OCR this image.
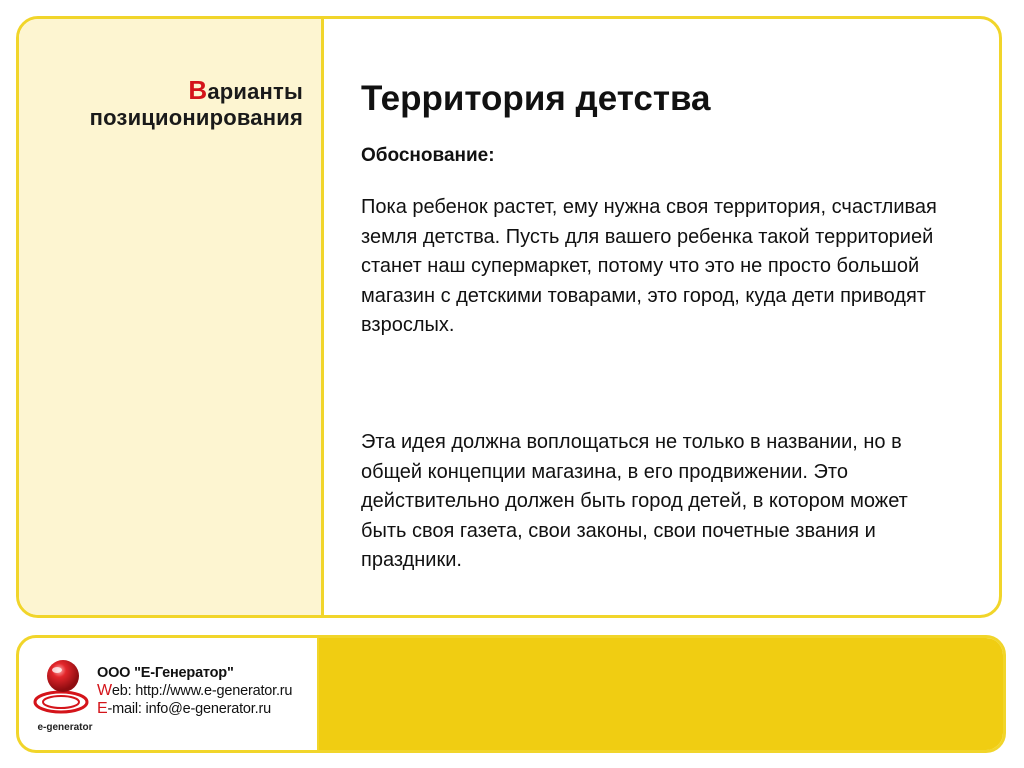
Варианты
позиционирования Территория детства
Обоснование:
Пока ребенок растет, ему нужна своя территория, счастливая земля детства. Пусть для вашего ребенка такой территорией станет наш супермаркет, потому что это не просто большой магазин с детскими товарами, это город, куда дети приводят взрослых.
Эта идея должна воплощаться не только в названии, но в общей концепции магазина, в его продвижении. Это действительно должен быть город детей, в котором может быть своя газета, свои законы, свои почетные звания и праздники.
e-generator
ООО "Е-Генератор"
Web: http://www.e-generator.ru
E-mail: info@e-generator.ru
